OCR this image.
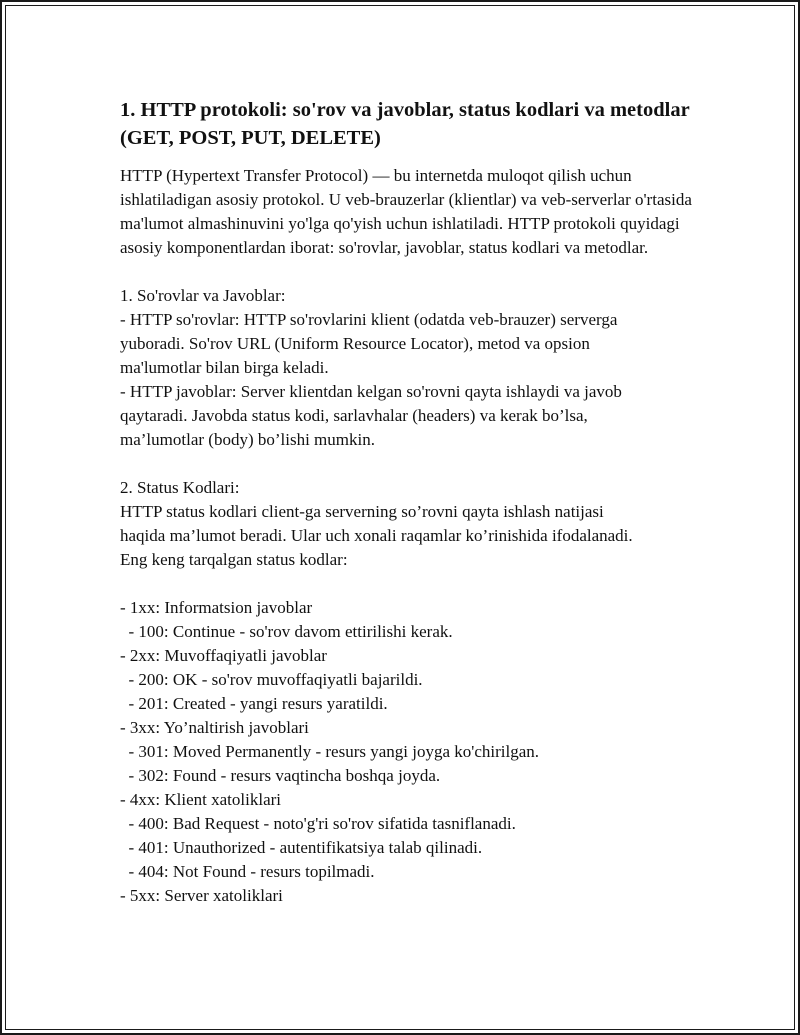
1. HTTP protokoli: so'rov va javoblar, status kodlari va metodlar (GET, POST, PUT, DELETE)

HTTP (Hypertext Transfer Protocol) — bu internetda muloqot qilish uchun ishlatiladigan asosiy protokol. U veb-brauzerlar (klientlar) va veb-serverlar o'rtasida ma'lumot almashinuvini yo'lga qo'yish uchun ishlatiladi. HTTP protokoli quyidagi asosiy komponentlardan iborat: so'rovlar, javoblar, status kodlari va metodlar.

1. So'rovlar va Javoblar:
- HTTP so'rovlar: HTTP so'rovlarini klient (odatda veb-brauzer) serverga
yuboradi. So'rov URL (Uniform Resource Locator), metod va opsion
ma'lumotlar bilan birga keladi.
- HTTP javoblar: Server klientdan kelgan so'rovni qayta ishlaydi va javob
qaytaradi. Javobda status kodi, sarlavhalar (headers) va kerak bo’lsa,
ma’lumotlar (body) bo’lishi mumkin.
2. Status Kodlari:
HTTP status kodlari client-ga serverning so’rovni qayta ishlash natijasi
haqida ma’lumot beradi. Ular uch xonali raqamlar ko’rinishida ifodalanadi.
Eng keng tarqalgan status kodlar:
- 1xx: Informatsion javoblar
- 100: Continue - so'rov davom ettirilishi kerak.
- 2xx: Muvoffaqiyatli javoblar
- 200: OK - so'rov muvoffaqiyatli bajarildi.
- 201: Created - yangi resurs yaratildi.
- 3xx: Yo’naltirish javoblari
- 301: Moved Permanently - resurs yangi joyga ko'chirilgan.
- 302: Found - resurs vaqtincha boshqa joyda.
- 4xx: Klient xatoliklari
- 400: Bad Request - noto'g'ri so'rov sifatida tasniflanadi.
- 401: Unauthorized - autentifikatsiya talab qilinadi.
- 404: Not Found - resurs topilmadi.
- 5xx: Server xatoliklari
